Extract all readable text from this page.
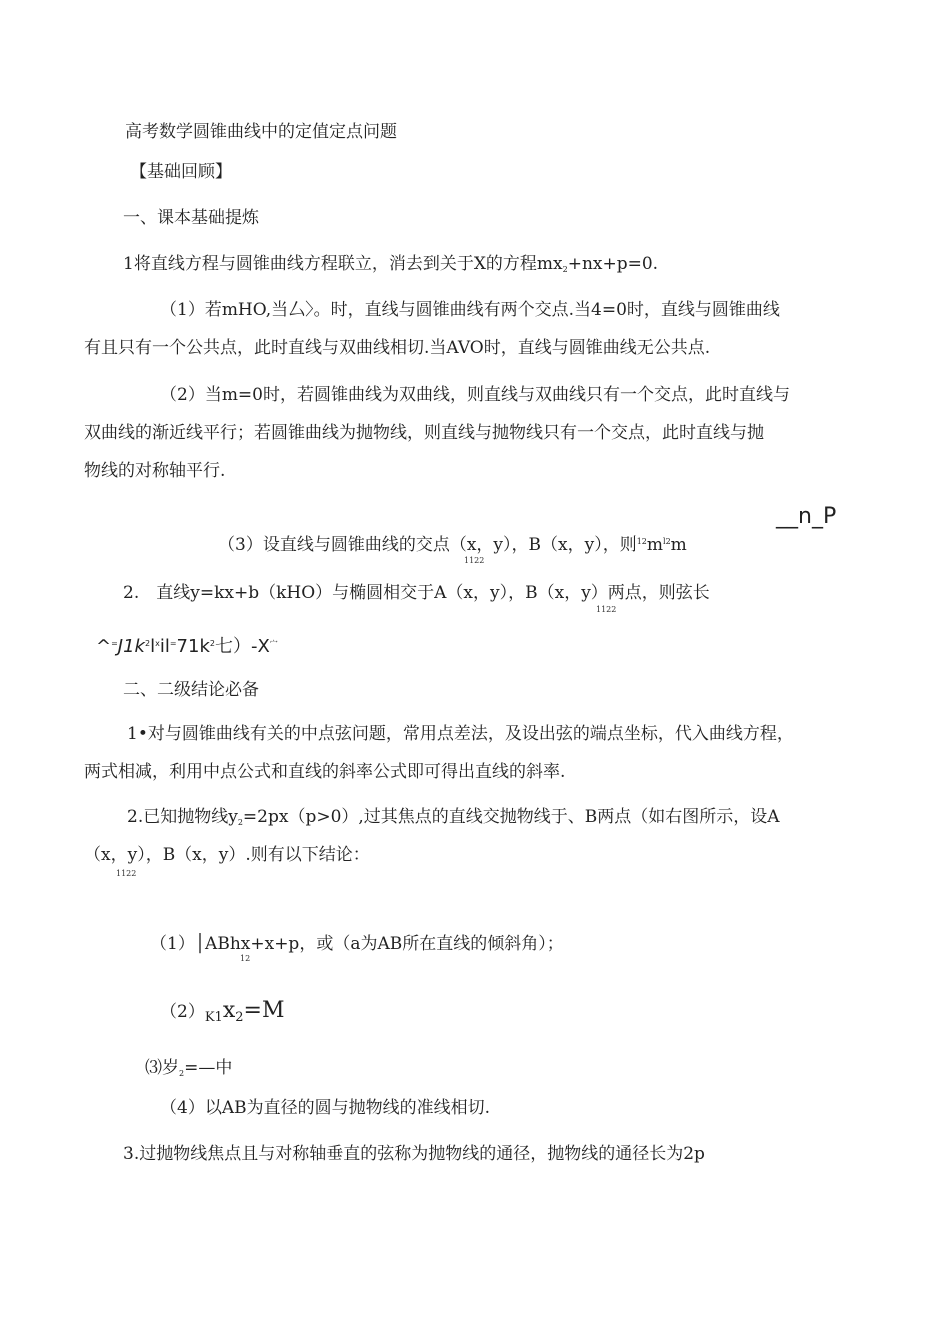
高考数学圆锥曲线中的定值定点问题
【基础回顾】
一、课本基础提炼
1将直线方程与圆锥曲线方程联立，消去到关于X的方程$mx_2+nx+p=0$.
（1）若mHO,当厶〉。时，直线与圆锥曲线有两个交点.当4=0时，直线与圆锥曲线
有且只有一个公共点，此时直线与双曲线相切.当AVO时，直线与圆锥曲线无公共点.
（2）当m=0时，若圆锥曲线为双曲线，则直线与双曲线只有一个交点，此时直线与
双曲线的渐近线平行；若圆锥曲线为抛物线，则直线与抛物线只有一个交点，此时直线与抛
物线的对称轴平行.
__n_P
（3）设直线与圆锥曲线的交点（x，y），B（x，y），则$^{12}m^{l2}m$
1122
2.　直线y=kx+b（kHO）与椭圆相交于A（x，y），B（x，y）两点，则弦长
1122
$\^{}^=J1k^2l^xil^=71k^2$七）$-X^宀$
二、二级结论必备
1•对与圆锥曲线有关的中点弦问题，常用点差法，及设出弦的端点坐标，代入曲线方程，
两式相减，利用中点公式和直线的斜率公式即可得出直线的斜率.
2.已知抛物线$y_2=2px(p>0)$,过其焦点的直线交抛物线于、B两点（如右图所示，设A
（x，y），B（x，y）.则有以下结论：
1122
（1）│ABhx+x+p，或（a为AB所在直线的倾斜角）；
12
$(2)_{K1}x_2=M$
⑶岁$_2$=—中
（4）以AB为直径的圆与抛物线的准线相切.
3.过抛物线焦点且与对称轴垂直的弦称为抛物线的通径，抛物线的通径长为2p
